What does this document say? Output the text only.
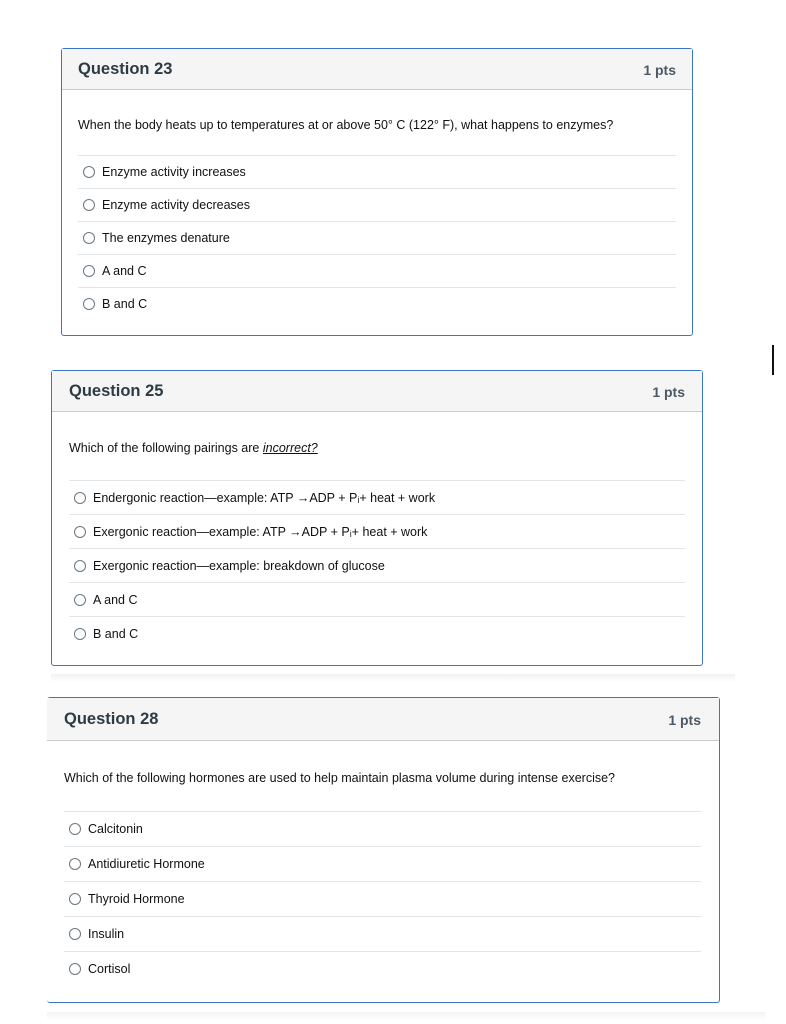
Question 23	1 pts
When the body heats up to temperatures at or above 50° C (122° F), what happens to enzymes?
Enzyme activity increases
Enzyme activity decreases
The enzymes denature
A and C
B and C
Question 25	1 pts
Which of the following pairings are incorrect?
Endergonic reaction—example: ATP →ADP + Pᵢ+ heat + work
Exergonic reaction—example: ATP →ADP + Pᵢ+ heat + work
Exergonic reaction—example: breakdown of glucose
A and C
B and C
Question 28	1 pts
Which of the following hormones are used to help maintain plasma volume during intense exercise?
Calcitonin
Antidiuretic Hormone
Thyroid Hormone
Insulin
Cortisol
